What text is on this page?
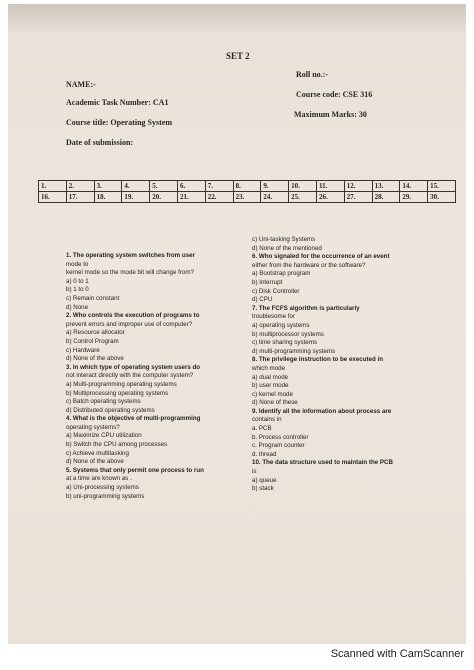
SET 2
Roll no.:-
NAME:-
Academic Task Number: CA1
Course code: CSE 316
Maximum Marks: 30
Course title: Operating System
Date of submission:
1.	2.	3.	4.	5.	6.	7.	8.	9.	10.	11.	12.	13.	14.	15.
16.	17.	18.	19.	20.	21.	22.	23.	24.	25.	26.	27.	28.	29.	30.
1. The operating system switches from user
mode to
kernel mode so the mode bit will change from?
a) 0 to 1
b) 1 to 0
c) Remain constant
d) None
2. Who controls the execution of programs to
prevent errors and improper use of computer?
a) Resource allocator
b) Control Program
c) Hardware
d) None of the above
3. In which type of operating system users do
not interact directly with the computer system?
a) Multi-programming operating systems
b) Multiprocessing operating systems
c) Batch operating systems
d) Distributed operating systems
4. What is the objective of multi-programming
operating systems?
a) Maximize CPU utilization
b) Switch the CPU among processes
c) Achieve multitasking
d) None of the above
5. Systems that only permit one process to run
at a time are known as .
a) Uni-processing systems
b) uni-programming systems
c) Uni-tasking Systems
d) None of the mentioned
6. Who signaled for the occurrence of an event
either from the hardware or the software?
a) Bootstrap program
b) Interrupt
c) Disk Controller
d) CPU
7. The FCFS algorithm is particularly
troublesome for
a) operating systems
b) multiprocessor systems
c) time sharing systems
d) multi-programming systems
8. The privilege instruction to be executed in
which mode
a) dual mode
b) user mode
c) kernel mode
d) None of these
9. Identify all the information about process are
contains in
a. PCB
b. Process controller
c. Program counter
d. thread
10. The data structure used to maintain the PCB
is
a) queue
b) stack
Scanned with CamScanner
